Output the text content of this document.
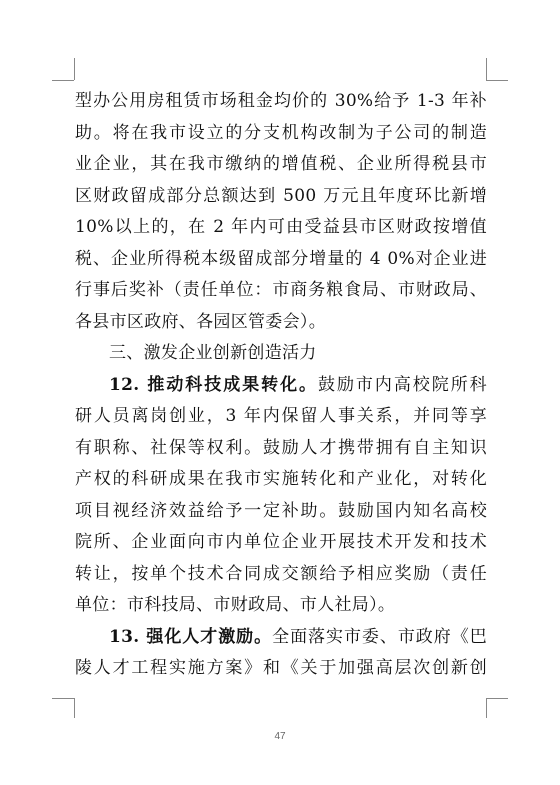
型办公用房租赁市场租金均价的 30%给予 1-3 年补
助。将在我市设立的分支机构改制为子公司的制造
业企业，其在我市缴纳的增值税、企业所得税县市
区财政留成部分总额达到 500 万元且年度环比新增
10%以上的，在 2 年内可由受益县市区财政按增值
税、企业所得税本级留成部分增量的 4 0%对企业进
行事后奖补（责任单位：市商务粮食局、市财政局、
各县市区政府、各园区管委会）。
三、激发企业创新创造活力
12. 推动科技成果转化。鼓励市内高校院所科
研人员离岗创业，3 年内保留人事关系，并同等享
有职称、社保等权利。鼓励人才携带拥有自主知识
产权的科研成果在我市实施转化和产业化，对转化
项目视经济效益给予一定补助。鼓励国内知名高校
院所、企业面向市内单位企业开展技术开发和技术
转让，按单个技术合同成交额给予相应奖励（责任
单位：市科技局、市财政局、市人社局）。
13. 强化人才激励。全面落实市委、市政府《巴
陵人才工程实施方案》和《关于加强高层次创新创
47
